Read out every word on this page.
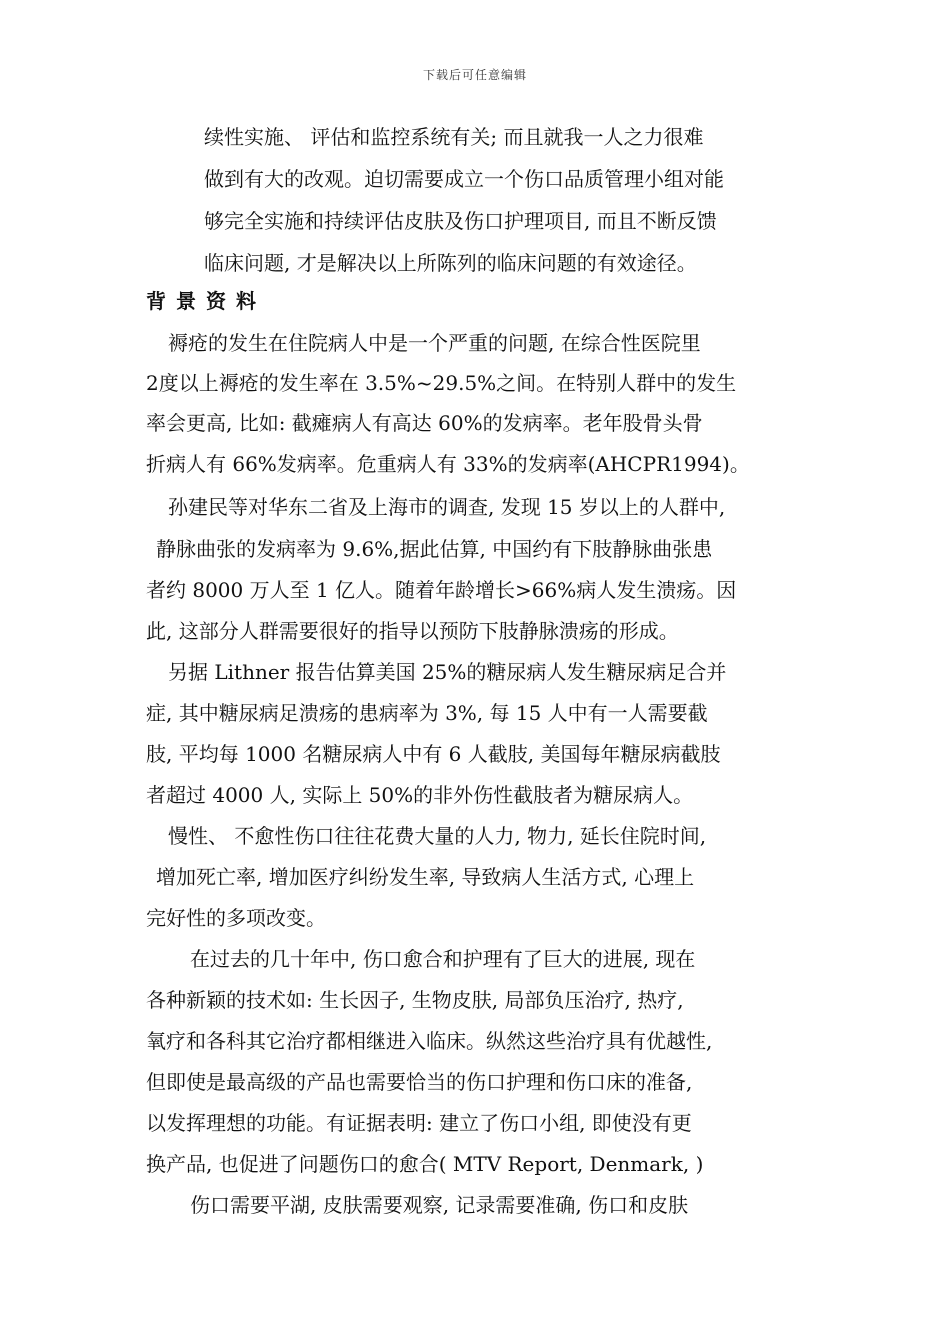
下载后可任意编辑
续性实施、 评估和监控系统有关; 而且就我一人之力很难
做到有大的改观。迫切需要成立一个伤口品质管理小组对能
够完全实施和持续评估皮肤及伤口护理项目, 而且不断反馈
临床问题, 才是解决以上所陈列的临床问题的有效途径。
背景资料
褥疮的发生在住院病人中是一个严重的问题, 在综合性医院里
2度以上褥疮的发生率在 3.5%~29.5%之间。在特别人群中的发生
率会更高, 比如: 截瘫病人有高达 60%的发病率。老年股骨头骨
折病人有 66%发病率。危重病人有 33%的发病率(AHCPR1994)。
孙建民等对华东二省及上海市的调查, 发现 15 岁以上的人群中,
静脉曲张的发病率为 9.6%,据此估算, 中国约有下肢静脉曲张患
者约 8000 万人至 1 亿人。随着年龄增长>66%病人发生溃疡。因
此, 这部分人群需要很好的指导以预防下肢静脉溃疡的形成。
另据 Lithner 报告估算美国 25%的糖尿病人发生糖尿病足合并
症, 其中糖尿病足溃疡的患病率为 3%, 每 15 人中有一人需要截
肢, 平均每 1000 名糖尿病人中有 6 人截肢, 美国每年糖尿病截肢
者超过 4000 人, 实际上 50%的非外伤性截肢者为糖尿病人。
慢性、 不愈性伤口往往花费大量的人力, 物力, 延长住院时间,
增加死亡率, 增加医疗纠纷发生率, 导致病人生活方式, 心理上
完好性的多项改变。
在过去的几十年中, 伤口愈合和护理有了巨大的进展, 现在
各种新颖的技术如: 生长因子, 生物皮肤, 局部负压治疗, 热疗,
氧疗和各科其它治疗都相继进入临床。纵然这些治疗具有优越性,
但即使是最高级的产品也需要恰当的伤口护理和伤口床的准备,
以发挥理想的功能。有证据表明: 建立了伤口小组, 即使没有更
换产品, 也促进了问题伤口的愈合( MTV Report, Denmark, )
伤口需要平湖, 皮肤需要观察, 记录需要准确, 伤口和皮肤
